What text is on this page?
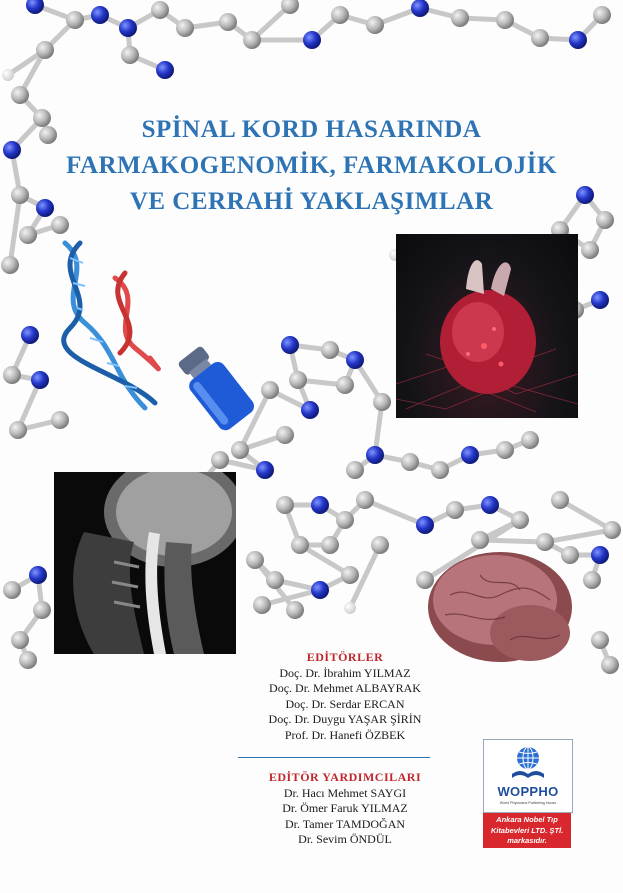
SPİNAL KORD HASARINDA
FARMAKOGENOMİK, FARMAKOLOJİK
VE CERRAHİ YAKLAŞIMLAR
EDİTÖRLER
Doç. Dr. İbrahim YILMAZ
Doç. Dr. Mehmet ALBAYRAK
Doç. Dr. Serdar ERCAN
Doç. Dr. Duygu YAŞAR ŞİRİN
Prof. Dr. Hanefi ÖZBEK
EDİTÖR YARDIMCILARI
Dr. Hacı Mehmet SAYGI
Dr. Ömer Faruk YILMAZ
Dr. Tamer TAMDOĞAN
Dr. Sevim ÖNDÜL
WOPPHO
World Physicians Publishing House
Ankara Nobel Tıp
Kitabevleri LTD. ŞTİ.
markasıdır.
